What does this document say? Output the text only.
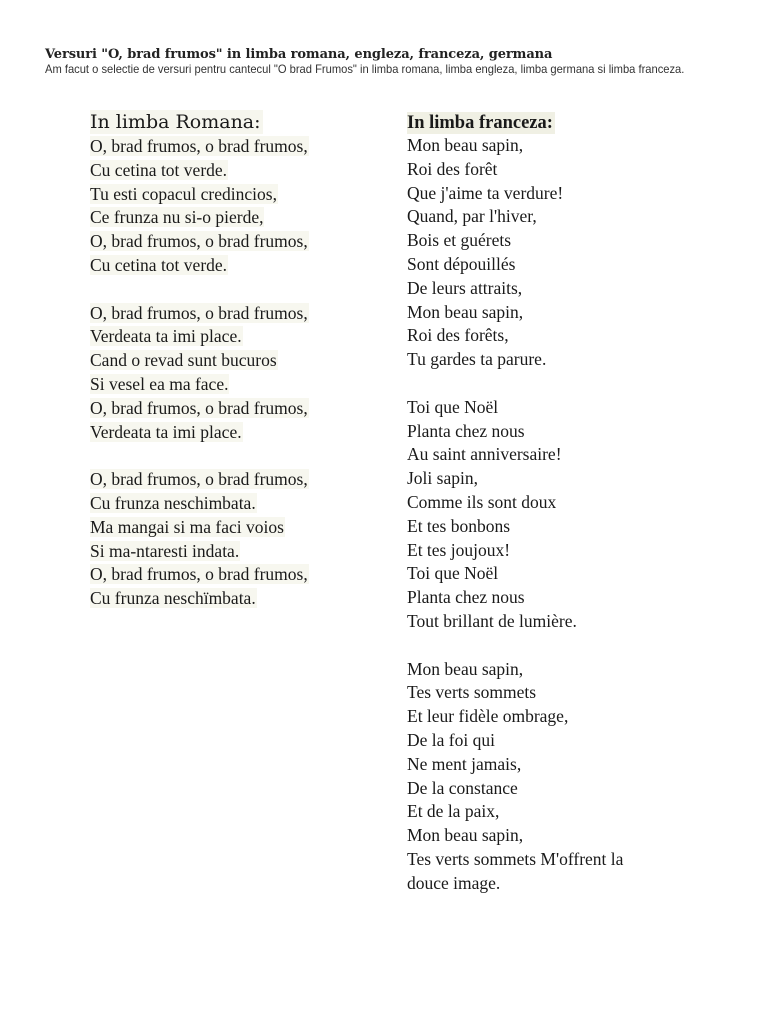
Versuri "O, brad frumos" in limba romana, engleza, franceza, germana
Am facut o selectie de versuri pentru cantecul "O brad Frumos" in limba romana, limba engleza, limba germana si limba franceza.
In limba Romana:
O, brad frumos, o brad frumos,
Cu cetina tot verde.
Tu esti copacul credincios,
Ce frunza nu si-o pierde,
O, brad frumos, o brad frumos,
Cu cetina tot verde.
O, brad frumos, o brad frumos,
Verdeata ta imi place.
Cand o revad sunt bucuros
Si vesel ea ma face.
O, brad frumos, o brad frumos,
Verdeata ta imi place.
O, brad frumos, o brad frumos,
Cu frunza neschimbata.
Ma mangai si ma faci voios
Si ma-ntaresti indata.
O, brad frumos, o brad frumos,
Cu frunza neschïmbata.
In limba franceza:
Mon beau sapin,
Roi des forêt
Que j'aime ta verdure!
Quand, par l'hiver,
Bois et guérets
Sont dépouillés
De leurs attraits,
Mon beau sapin,
Roi des forêts,
Tu gardes ta parure.
Toi que Noël
Planta chez nous
Au saint anniversaire!
Joli sapin,
Comme ils sont doux
Et tes bonbons
Et tes joujoux!
Toi que Noël
Planta chez nous
Tout brillant de lumière.
Mon beau sapin,
Tes verts sommets
Et leur fidèle ombrage,
De la foi qui
Ne ment jamais,
De la constance
Et de la paix,
Mon beau sapin,
Tes verts sommets M'offrent la
douce image.
